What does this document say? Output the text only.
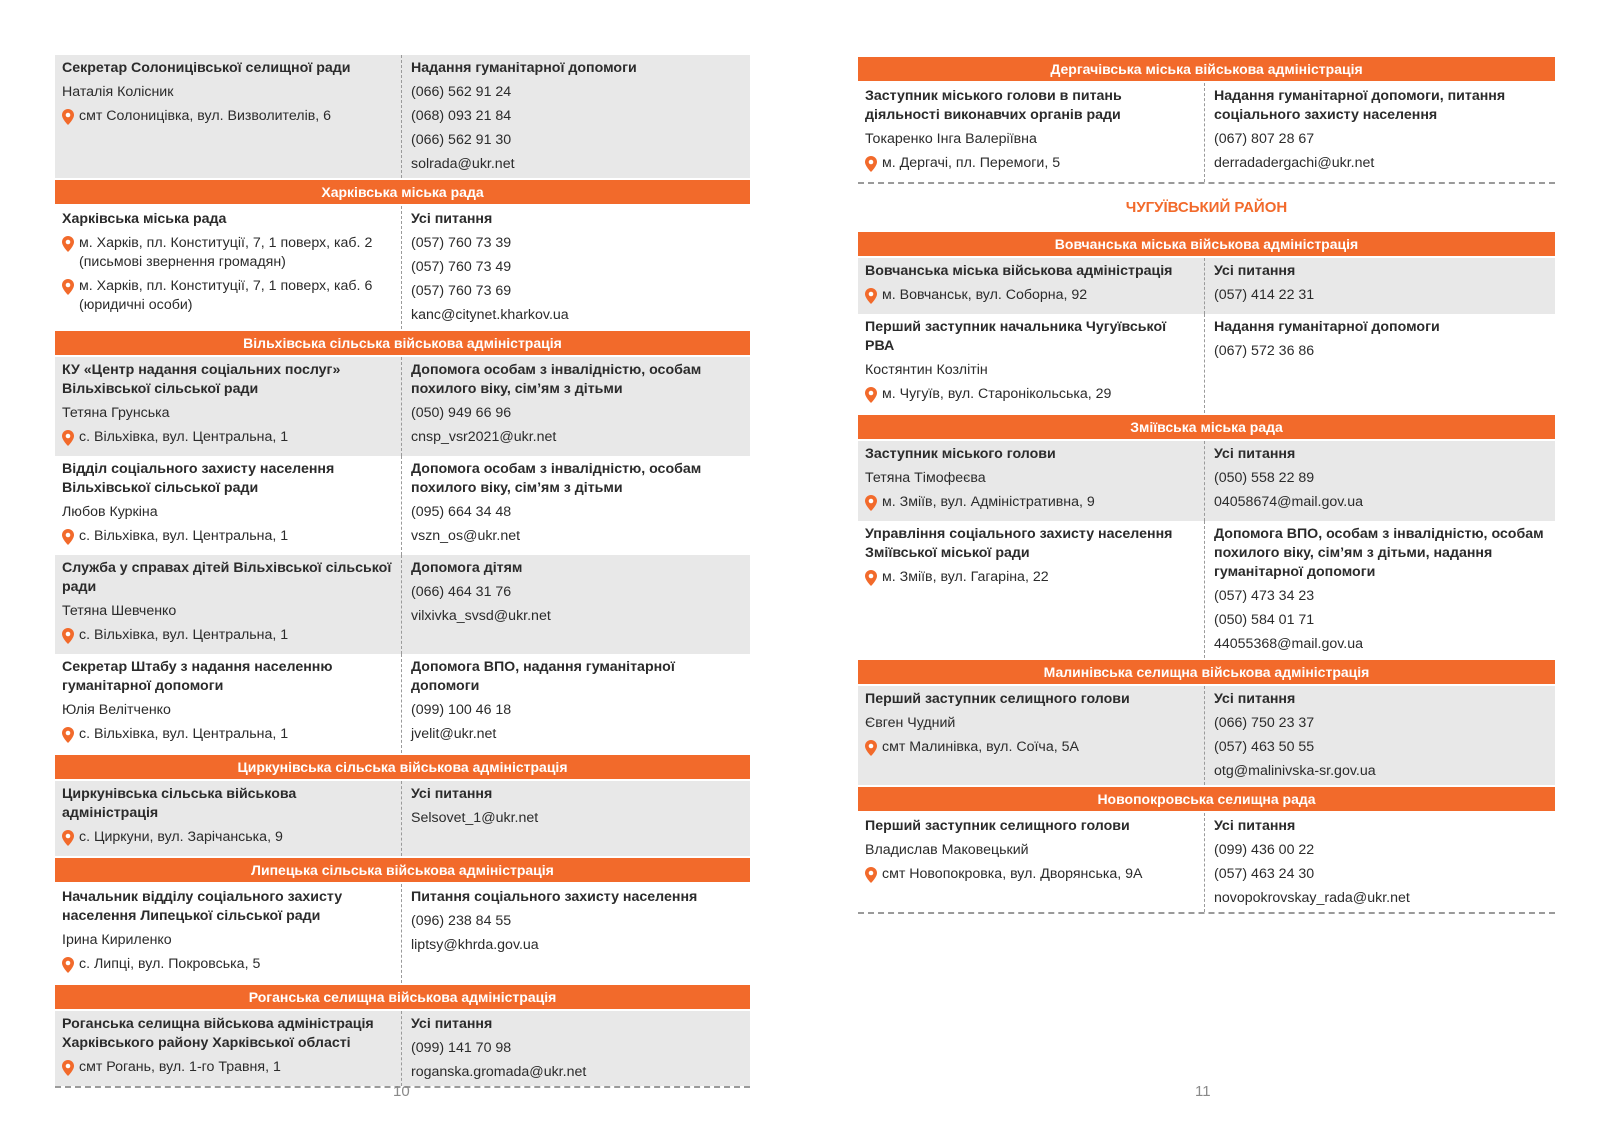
Секретар Солоницівської селищної ради
Наталія Колісник
смт Солоницівка, вул. Визволителів, 6
Надання гуманітарної допомоги
(066) 562 91 24
(068) 093 21 84
(066) 562 91 30
solrada@ukr.net
Харківська міська рада
Харківська міська рада
м. Харків, пл. Конституції, 7, 1 поверх, каб. 2 (письмові звернення громадян)
м. Харків, пл. Конституції, 7, 1 поверх, каб. 6 (юридичні особи)
Усі питання
(057) 760 73 39
(057) 760 73 49
(057) 760 73 69
kanc@citynet.kharkov.ua
Вільхівська сільська військова адміністрація
КУ «Центр надання соціальних послуг» Вільхівської сільської ради
Тетяна Грунська
с. Вільхівка, вул. Центральна, 1
Допомога особам з інвалідністю, особам похилого віку, сім’ям з дітьми
(050) 949 66 96
cnsp_vsr2021@ukr.net
Відділ соціального захисту населення Вільхівської сільської ради
Любов Куркіна
с. Вільхівка, вул. Центральна, 1
Допомога особам з інвалідністю, особам похилого віку, сім’ям з дітьми
(095) 664 34 48
vszn_os@ukr.net
Служба у справах дітей Вільхівської сільської ради
Тетяна Шевченко
с. Вільхівка, вул. Центральна, 1
Допомога дітям
(066) 464 31 76
vilxivka_svsd@ukr.net
Секретар Штабу з надання населенню гуманітарної допомоги
Юлія Велітченко
с. Вільхівка, вул. Центральна, 1
Допомога ВПО, надання гуманітарної допомоги
(099) 100 46 18
jvelit@ukr.net
Циркунівська сільська військова адміністрація
Циркунівська сільська військова адміністрація
с. Циркуни, вул. Зарічанська, 9
Усі питання
Selsovet_1@ukr.net
Липецька сільська військова адміністрація
Начальник відділу соціального захисту населення Липецької сільської ради
Ірина Кириленко
с. Липці, вул. Покровська, 5
Питання соціального захисту населення
(096) 238 84 55
liptsy@khrda.gov.ua
Роганська селищна військова адміністрація
Роганська селищна військова адміністрація Харківського району Харківської області
смт Рогань, вул. 1-го Травня, 1
Усі питання
(099) 141 70 98
roganska.gromada@ukr.net
Дергачівська міська військова адміністрація
Заступник міського голови в питань діяльності виконавчих органів ради
Токаренко Інга Валеріївна
м. Дергачі, пл. Перемоги, 5
Надання гуманітарної допомоги, питання соціального захисту населення
(067) 807 28 67
derradadergachi@ukr.net
ЧУГУЇВСЬКИЙ РАЙОН
Вовчанська міська військова адміністрація
Вовчанська міська військова адміністрація
м. Вовчанськ, вул. Соборна, 92
Усі питання
(057) 414 22 31
Перший заступник начальника Чугуївської РВА
Костянтин Козлітін
м. Чугуїв, вул. Старонікольська, 29
Надання гуманітарної допомоги
(067) 572 36 86
Зміївська міська рада
Заступник міського голови
Тетяна Тімофеєва
м. Зміїв, вул. Адміністративна, 9
Усі питання
(050) 558 22 89
04058674@mail.gov.ua
Управління соціального захисту населення Зміївської міської ради
м. Зміїв, вул. Гагаріна, 22
Допомога ВПО, особам з інвалідністю, особам похилого віку, сім’ям з дітьми, надання гуманітарної допомоги
(057) 473 34 23
(050) 584 01 71
44055368@mail.gov.ua
Малинівська селищна військова адміністрація
Перший заступник селищного голови
Євген Чудний
смт Малинівка, вул. Соїча, 5А
Усі питання
(066) 750 23 37
(057) 463 50 55
otg@malinivska-sr.gov.ua
Новопокровська селищна рада
Перший заступник селищного голови
Владислав Маковецький
смт Новопокровка, вул. Дворянська, 9А
Усі питання
(099) 436 00 22
(057) 463 24 30
novopokrovskay_rada@ukr.net
10	11
